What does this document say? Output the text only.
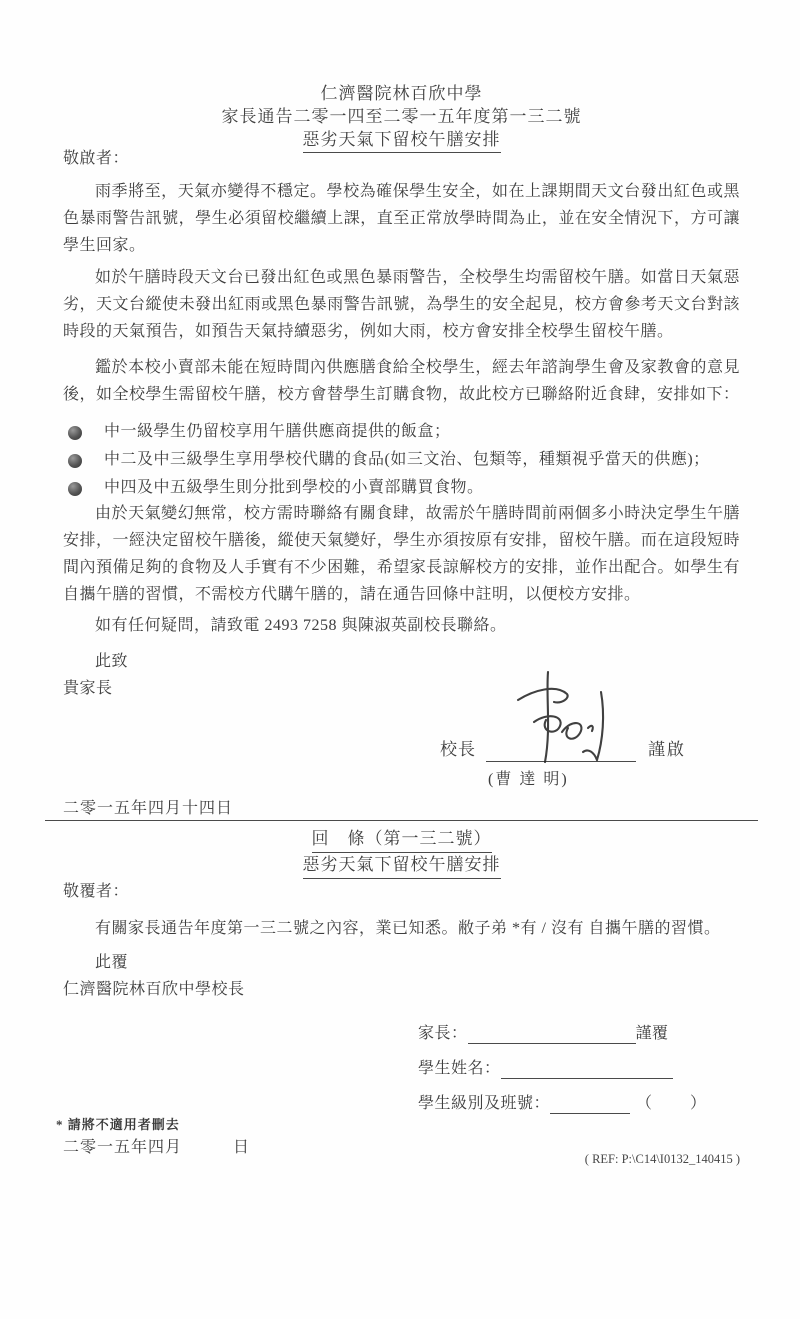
仁濟醫院林百欣中學
家長通告二零一四至二零一五年度第一三二號
惡劣天氣下留校午膳安排
敬啟者：

雨季將至，天氣亦變得不穩定。學校為確保學生安全，如在上課期間天文台發出紅色或黑色暴雨警告訊號，學生必須留校繼續上課，直至正常放學時間為止，並在安全情況下，方可讓學生回家。

如於午膳時段天文台已發出紅色或黑色暴雨警告，全校學生均需留校午膳。如當日天氣惡劣，天文台縱使未發出紅雨或黑色暴雨警告訊號，為學生的安全起見，校方會參考天文台對該時段的天氣預告，如預告天氣持續惡劣，例如大雨，校方會安排全校學生留校午膳。

鑑於本校小賣部未能在短時間內供應膳食給全校學生，經去年諮詢學生會及家教會的意見後，如全校學生需留校午膳，校方會替學生訂購食物，故此校方已聯絡附近食肆，安排如下：

中一級學生仍留校享用午膳供應商提供的飯盒；
中二及中三級學生享用學校代購的食品(如三文治、包類等，種類視乎當天的供應)；
中四及中五級學生則分批到學校的小賣部購買食物。

由於天氣變幻無常，校方需時聯絡有關食肆，故需於午膳時間前兩個多小時決定學生午膳安排，一經決定留校午膳後，縱使天氣變好，學生亦須按原有安排，留校午膳。而在這段短時間內預備足夠的食物及人手實有不少困難，希望家長諒解校方的安排，並作出配合。如學生有自攜午膳的習慣，不需校方代購午膳的，請在通告回條中註明，以便校方安排。

如有任何疑問，請致電 2493 7258 與陳淑英副校長聯絡。

此致
貴家長
校長	謹啟
(曹 達 明)
二零一五年四月十四日
回　條（第一三二號）
惡劣天氣下留校午膳安排
敬覆者：

有關家長通告年度第一三二號之內容，業已知悉。敝子弟 *有 / 沒有 自攜午膳的習慣。

此覆
仁濟醫院林百欣中學校長
家長：	謹覆
學生姓名：
學生級別及班號：	（　　）
* 請將不適用者刪去
二零一五年四月　　　日
( REF: P:\C14\I0132_140415 )
